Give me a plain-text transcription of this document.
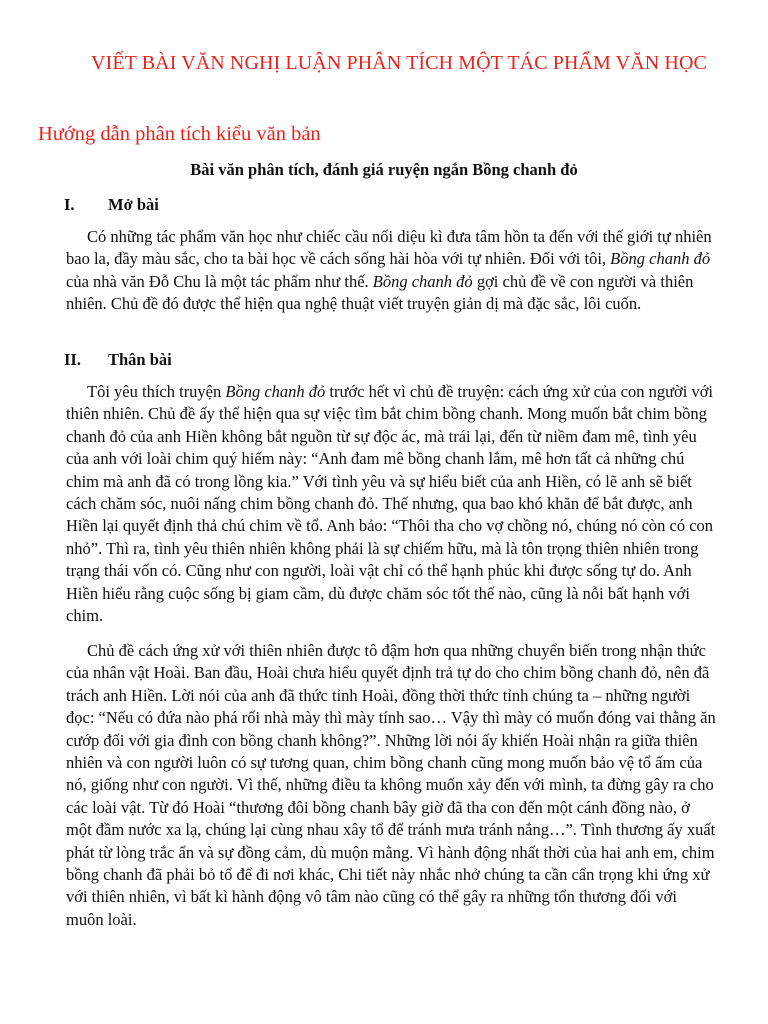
VIẾT BÀI VĂN NGHỊ LUẬN PHÂN TÍCH MỘT TÁC PHẨM VĂN HỌC
Hướng dẫn phân tích kiểu văn bản
Bài văn phân tích, đánh giá ruyện ngắn Bồng chanh đỏ
I. Mở bài

Có những tác phẩm văn học như chiếc cầu nối diệu kì đưa tâm hồn ta đến với thế giới tự nhiên bao la, đầy màu sắc, cho ta bài học về cách sống hài hòa với tự nhiên. Đối với tôi, Bồng chanh đỏ của nhà văn Đỗ Chu là một tác phẩm như thế. Bồng chanh đỏ gợi chủ đề về con người và thiên nhiên. Chủ đề đó được thể hiện qua nghệ thuật viết truyện giản dị mà đặc sắc, lôi cuốn.

II. Thân bài

Tôi yêu thích truyện Bồng chanh đỏ trước hết vì chủ đề truyện: cách ứng xử của con người với thiên nhiên. Chủ đề ấy thể hiện qua sự việc tìm bắt chim bồng chanh. Mong muốn bắt chim bồng chanh đỏ của anh Hiền không bắt nguồn từ sự độc ác, mà trái lại, đến từ niềm đam mê, tình yêu của anh với loài chim quý hiếm này: “Anh đam mê bồng chanh lắm, mê hơn tất cả những chú chim mà anh đã có trong lồng kia.” Với tình yêu và sự hiểu biết của anh Hiền, có lẽ anh sẽ biết cách chăm sóc, nuôi nấng chim bồng chanh đỏ. Thế nhưng, qua bao khó khăn để bắt được, anh Hiền lại quyết định thả chú chim về tổ. Anh bảo: “Thôi tha cho vợ chồng nó, chúng nó còn có con nhỏ”. Thì ra, tình yêu thiên nhiên không phải là sự chiếm hữu, mà là tôn trọng thiên nhiên trong trạng thái vốn có. Cũng như con người, loài vật chỉ có thể hạnh phúc khi được sống tự do. Anh Hiền hiểu rằng cuộc sống bị giam cầm, dù được chăm sóc tốt thế nào, cũng là nỗi bất hạnh với chim.

Chủ đề cách ứng xử với thiên nhiên được tô đậm hơn qua những chuyển biến trong nhận thức của nhân vật Hoài. Ban đầu, Hoài chưa hiểu quyết định trả tự do cho chim bồng chanh đỏ, nên đã trách anh Hiền. Lời nói của anh đã thức tỉnh Hoài, đồng thời thức tỉnh chúng ta – những người đọc: “Nếu có đứa nào phá rối nhà mày thì mày tính sao… Vậy thì mày có muốn đóng vai thằng ăn cướp đối với gia đình con bồng chanh không?”. Những lời nói ấy khiến Hoài nhận ra giữa thiên nhiên và con người luôn có sự tương quan, chim bồng chanh cũng mong muốn bảo vệ tổ ấm của nó, giống như con người. Vì thế, những điều ta không muốn xảy đến với mình, ta đừng gây ra cho các loài vật. Từ đó Hoài “thương đôi bồng chanh bây giờ đã tha con đến một cánh đồng nào, ở một đầm nước xa lạ, chúng lại cùng nhau xây tổ để tránh mưa tránh nắng…”. Tình thương ấy xuất phát từ lòng trắc ẩn và sự đồng cảm, dù muộn mằng. Vì hành động nhất thời của hai anh em, chim bồng chanh đã phải bỏ tổ để đi nơi khác, Chi tiết này nhắc nhở chúng ta cần cẩn trọng khi ứng xử với thiên nhiên, vì bất kì hành động vô tâm nào cũng có thể gây ra những tổn thương đối với muôn loài.
